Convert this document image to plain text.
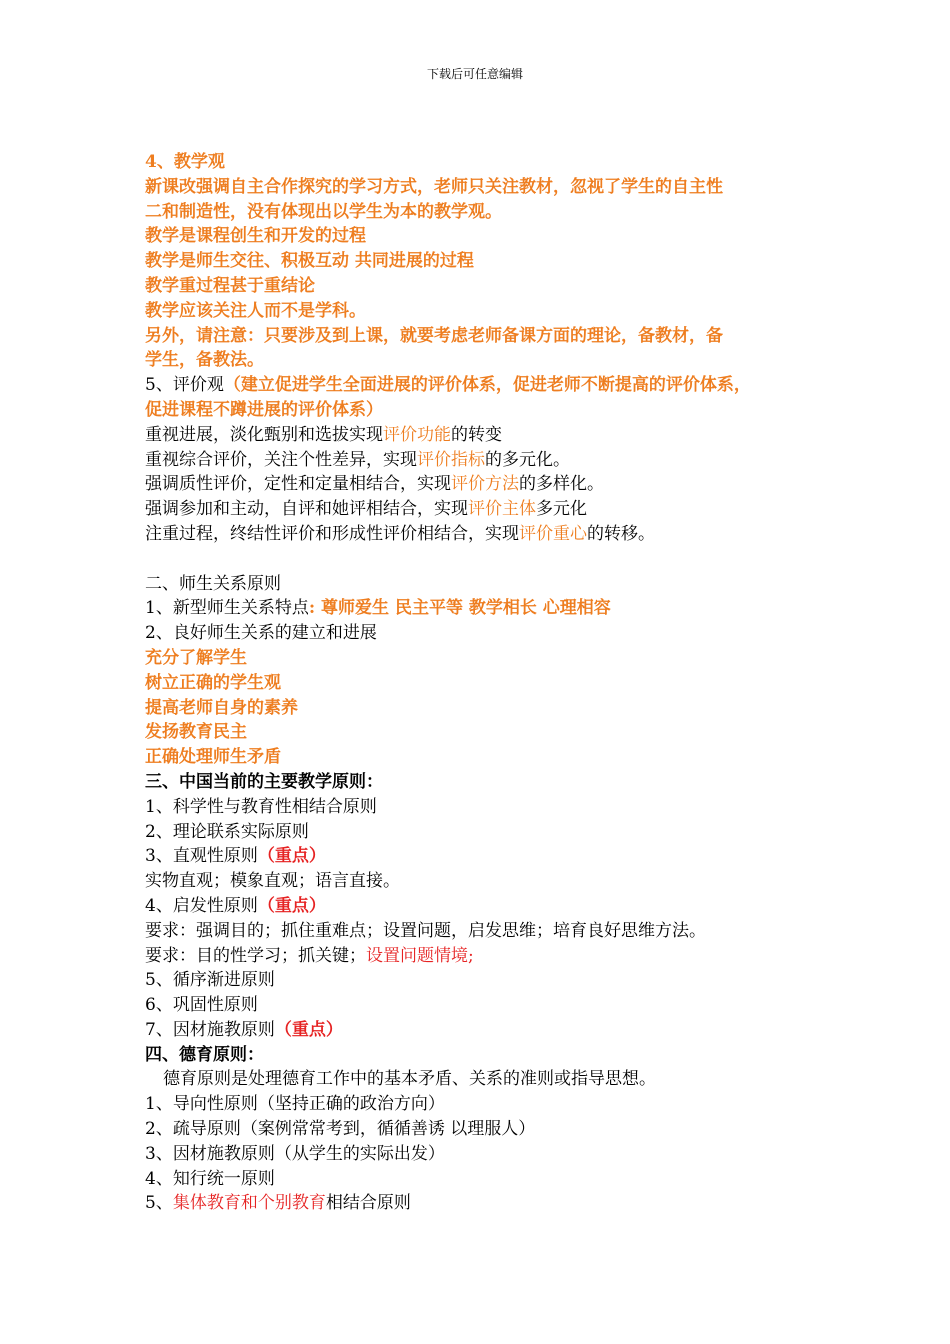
下载后可任意编辑
4、教学观
新课改强调自主合作探究的学习方式，老师只关注教材，忽视了学生的自主性
二和制造性，没有体现出以学生为本的教学观。
教学是课程创生和开发的过程
教学是师生交往、积极互动 共同进展的过程
教学重过程甚于重结论
教学应该关注人而不是学科。
另外，请注意：只要涉及到上课，就要考虑老师备课方面的理论，备教材，备
学生，备教法。
5、评价观（建立促进学生全面进展的评价体系，促进老师不断提高的评价体系，
促进课程不蹲进展的评价体系）
重视进展，淡化甄别和选拔实现评价功能的转变
重视综合评价，关注个性差异，实现评价指标的多元化。
强调质性评价，定性和定量相结合，实现评价方法的多样化。
强调参加和主动，自评和她评相结合，实现评价主体多元化
注重过程，终结性评价和形成性评价相结合，实现评价重心的转移。
二、师生关系原则
1、新型师生关系特点: 尊师爱生 民主平等 教学相长 心理相容
2、良好师生关系的建立和进展
充分了解学生
树立正确的学生观
提高老师自身的素养
发扬教育民主
正确处理师生矛盾
三、中国当前的主要教学原则：
1、科学性与教育性相结合原则
2、理论联系实际原则
3、直观性原则（重点）
实物直观；模象直观；语言直接。
4、启发性原则（重点）
要求：强调目的；抓住重难点；设置问题，启发思维；培育良好思维方法。
要求：目的性学习；抓关键；设置问题情境;
5、循序渐进原则
6、巩固性原则
7、因材施教原则（重点）
四、德育原则：
德育原则是处理德育工作中的基本矛盾、关系的准则或指导思想。
1、导向性原则（坚持正确的政治方向）
2、疏导原则（案例常常考到，循循善诱 以理服人）
3、因材施教原则（从学生的实际出发）
4、知行统一原则
5、集体教育和个别教育相结合原则
